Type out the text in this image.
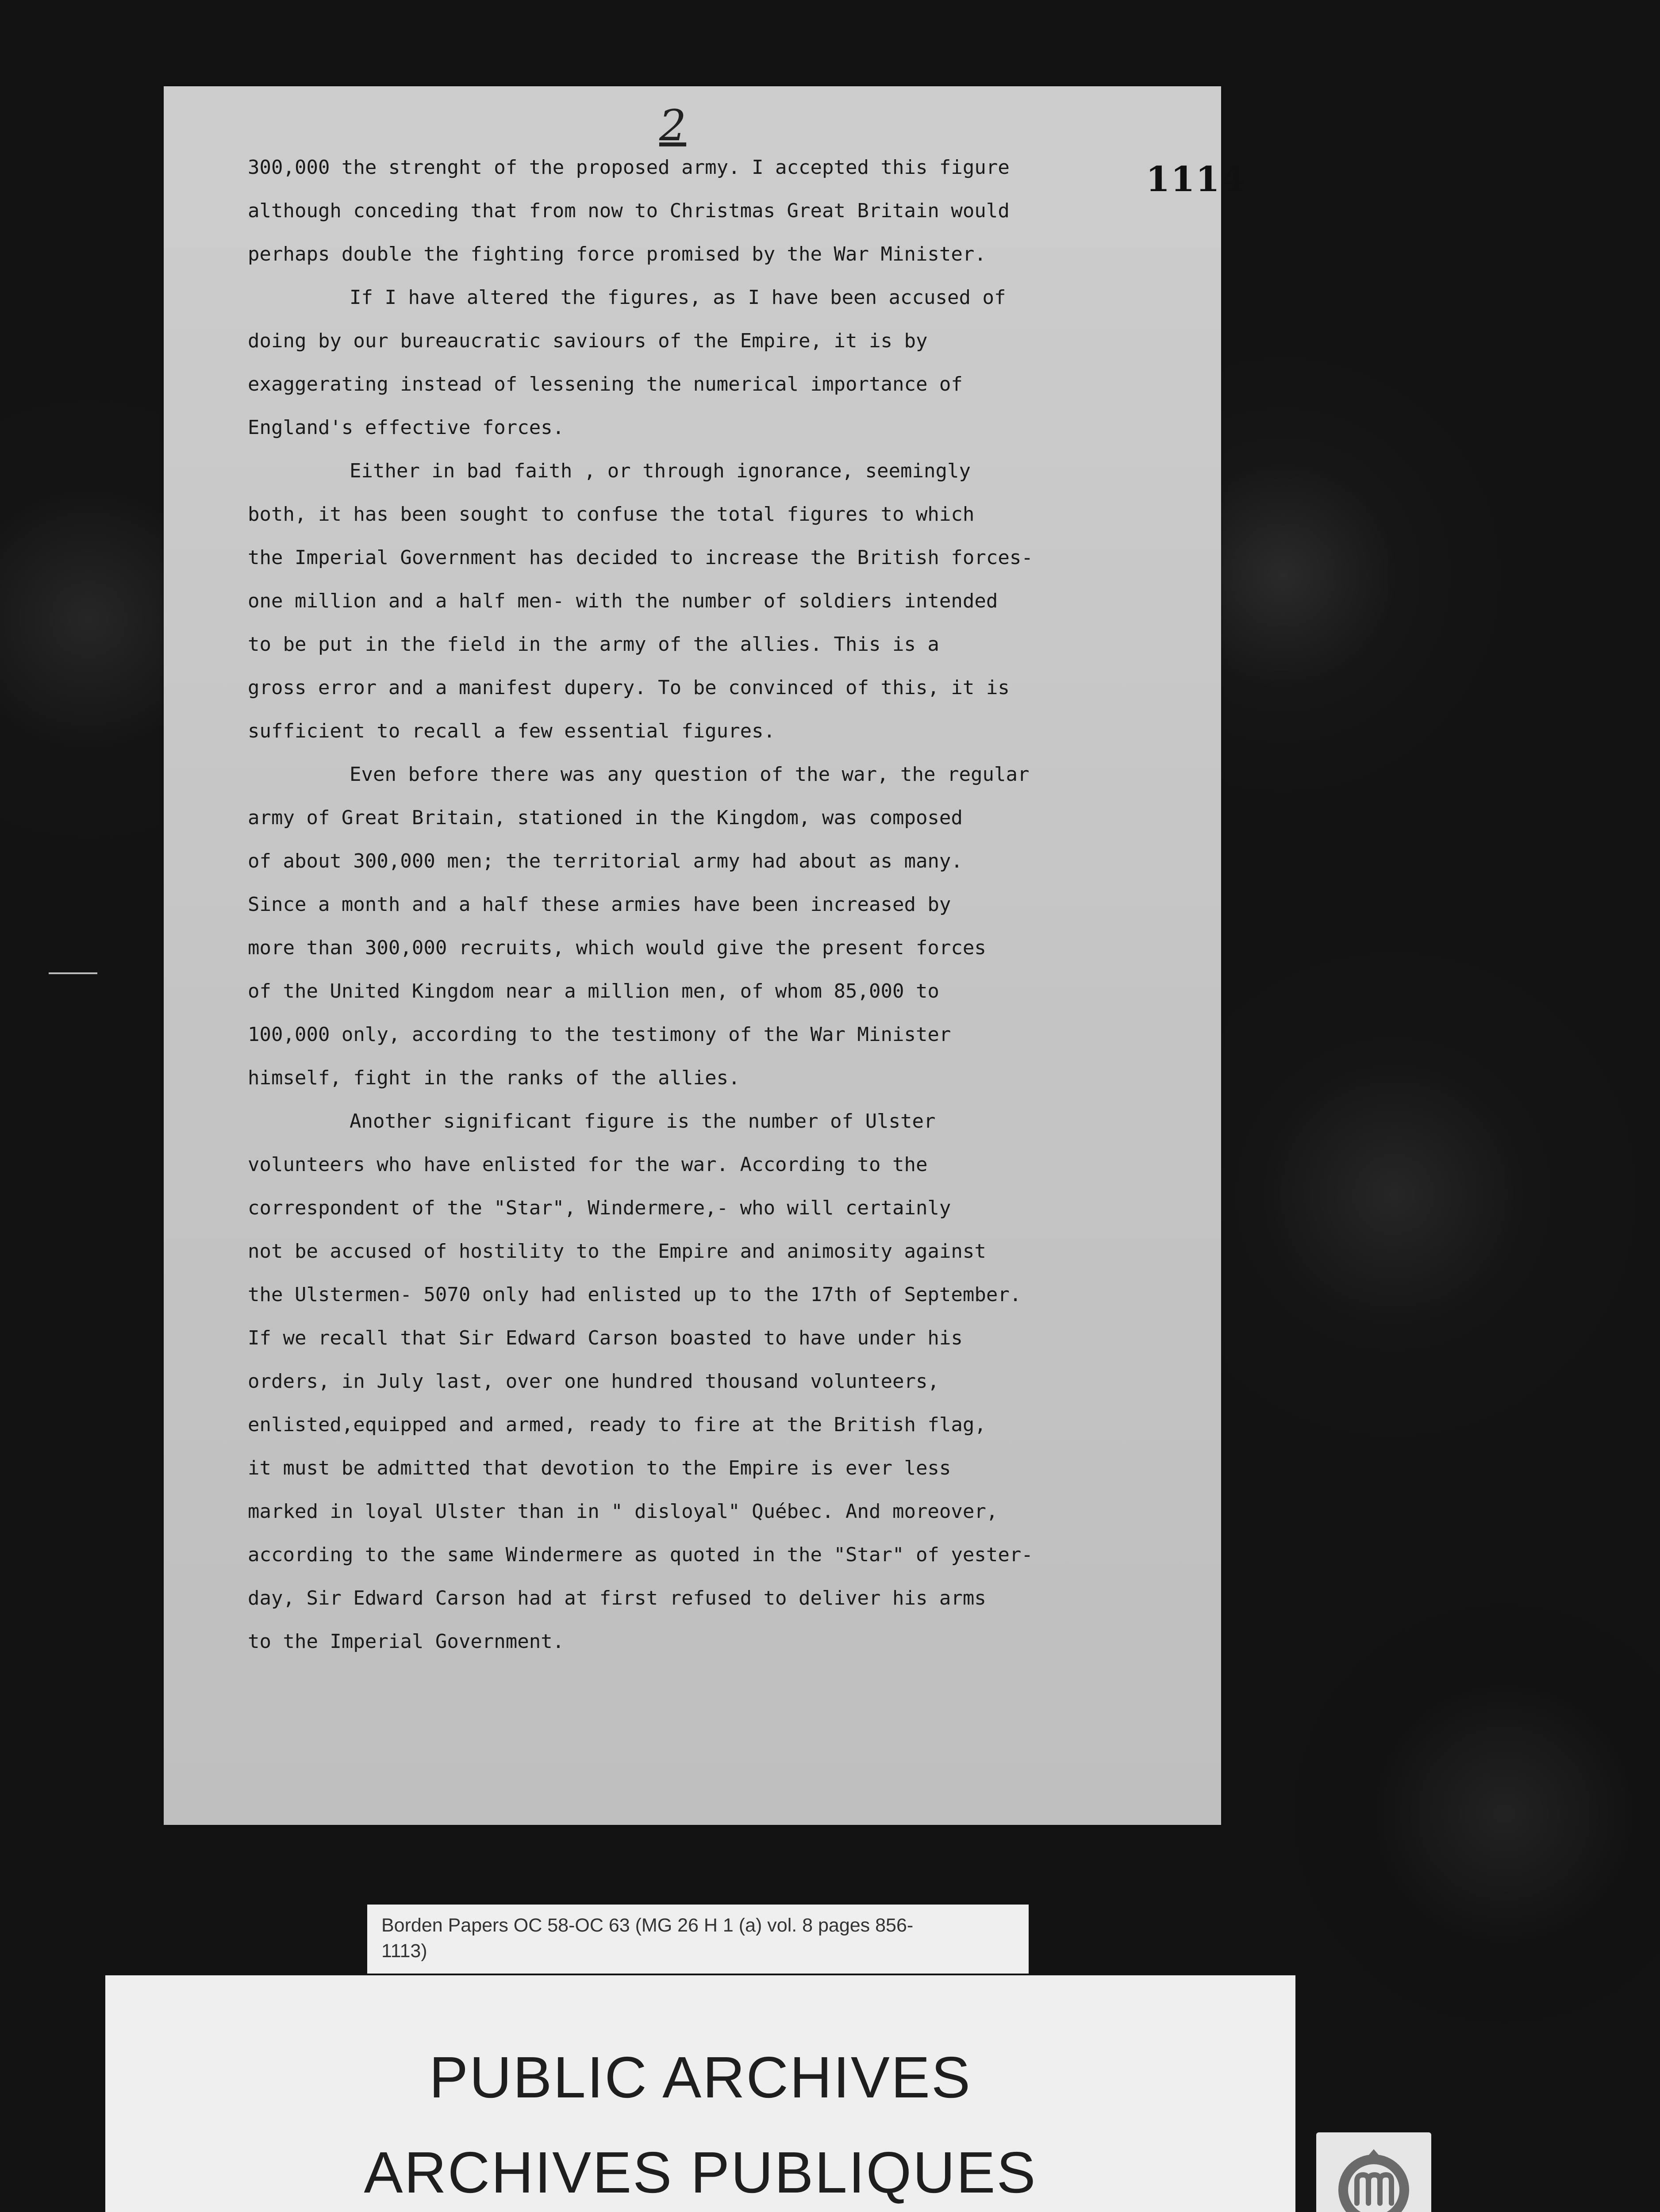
2
1114

300,000 the strenght of the proposed army. I accepted this figure
although conceding that from now to Christmas Great Britain would
perhaps double the fighting force promised by the War Minister.

If I have altered the figures, as I have been accused of
doing by our bureaucratic saviours of the Empire, it is by
exaggerating instead of lessening the numerical importance of
England's effective forces.

Either in bad faith , or through ignorance, seemingly
both, it has been sought to confuse the total figures to which
the Imperial Government has decided to increase the British forces-
one million and a half men- with the number of soldiers intended
to be put in the field in the army of the allies. This is a
gross error and a manifest dupery. To be convinced of this, it is
sufficient to recall a few essential figures.

Even before there was any question of the war, the regular
army of Great Britain, stationed in the Kingdom, was composed
of about 300,000 men; the territorial army had about as many.
Since a month and a half these armies have been increased by
more than 300,000 recruits, which would give the present forces
of the United Kingdom near a million men, of whom 85,000 to
100,000 only, according to the testimony of the War Minister
himself, fight in the ranks of the allies.

Another significant figure is the number of Ulster
volunteers who have enlisted for the war. According to the
correspondent of the "Star", Windermere,- who will certainly
not be accused of hostility to the Empire and animosity against
the Ulstermen- 5070 only had enlisted up to the 17th of September.
If we recall that Sir Edward Carson boasted to have under his
orders, in July last, over one hundred thousand volunteers,
enlisted,equipped and armed, ready to fire at the British flag,
it must be admitted that devotion to the Empire is ever less
marked in loyal Ulster than in " disloyal" Québec. And moreover,
according to the same Windermere as quoted in the "Star" of yester-
day, Sir Edward Carson had at first refused to deliver his arms
to the Imperial Government.

Borden Papers OC 58-OC 63 (MG 26 H 1 (a) vol. 8 pages 856-
1113)
PUBLIC ARCHIVES
ARCHIVES PUBLIQUES
